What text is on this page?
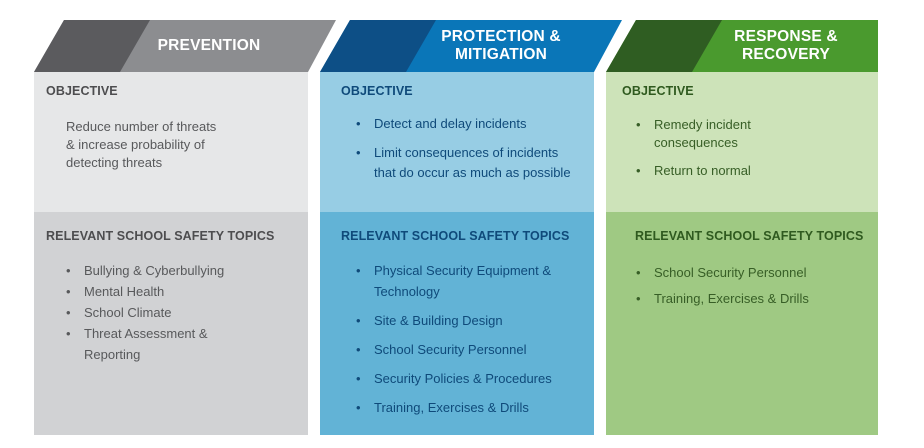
PREVENTION
OBJECTIVE
Reduce number of threats
& increase probability of
detecting threats
RELEVANT SCHOOL SAFETY TOPICS
• Bullying & Cyberbullying
• Mental Health
• School Climate
• Threat Assessment & Reporting
PROTECTION &
MITIGATION
OBJECTIVE
• Detect and delay incidents
• Limit consequences of incidents that do occur as much as possible
RELEVANT SCHOOL SAFETY TOPICS
• Physical Security Equipment & Technology
• Site & Building Design
• School Security Personnel
• Security Policies & Procedures
• Training, Exercises & Drills
RESPONSE &
RECOVERY
OBJECTIVE
• Remedy incident consequences
• Return to normal
RELEVANT SCHOOL SAFETY TOPICS
• School Security Personnel
• Training, Exercises & Drills
